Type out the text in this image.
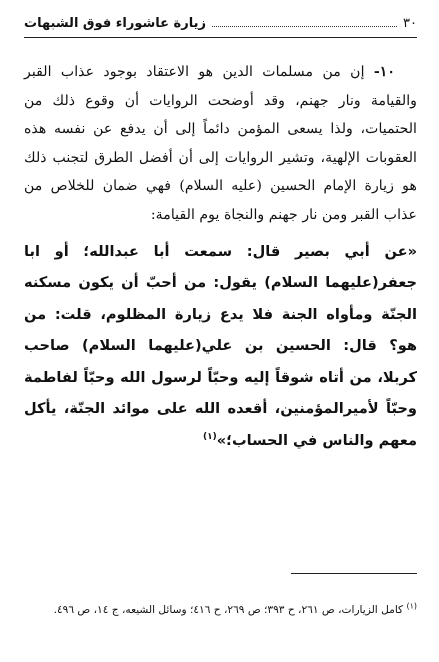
٣٠
زيارة عاشوراء فوق الشبهات

١٠- إن من مسلمات الدين هو الاعتقاد بوجود عذاب القبر والقيامة ونار جهنم، وقد أوضحت الروايات أن وقوع ذلك من الحتميات، ولذا يسعى المؤمن دائماً إلى أن يدفع عن نفسه هذه العقوبات الإلهية، وتشير الروايات إلى أن أفضل الطرق لتجنب ذلك هو زيارة الإمام الحسين (عليه السلام) فهي ضمان للخلاص من عذاب القبر ومن نار جهنم والنجاة يوم القيامة:

«عن أبي بصير قال: سمعت أبا عبدالله؛ أو ابا جعفر(عليهما السلام) يقول: من أحبّ أن يكون مسكنه الجنّة ومأواه الجنة فلا يدع زيارة المظلوم، قلت: من هو؟ قال: الحسين بن علي(عليهما السلام) صاحب كربلا، من أتاه شوقاً إليه وحبّاً لرسول الله وحبّاً لفاطمة وحبّاً لأميرالمؤمنين، أقعده الله على موائد الجنّة، يأكل معهم والناس في الحساب؛»$^{(١)}$

$^{(١)}$ كامل الزيارات، ص ٢٦١، ح ٣٩٣؛ ص ٢٦٩، ح ٤١٦؛ وسائل الشيعه، ج ١٤، ص ٤٩٦.
